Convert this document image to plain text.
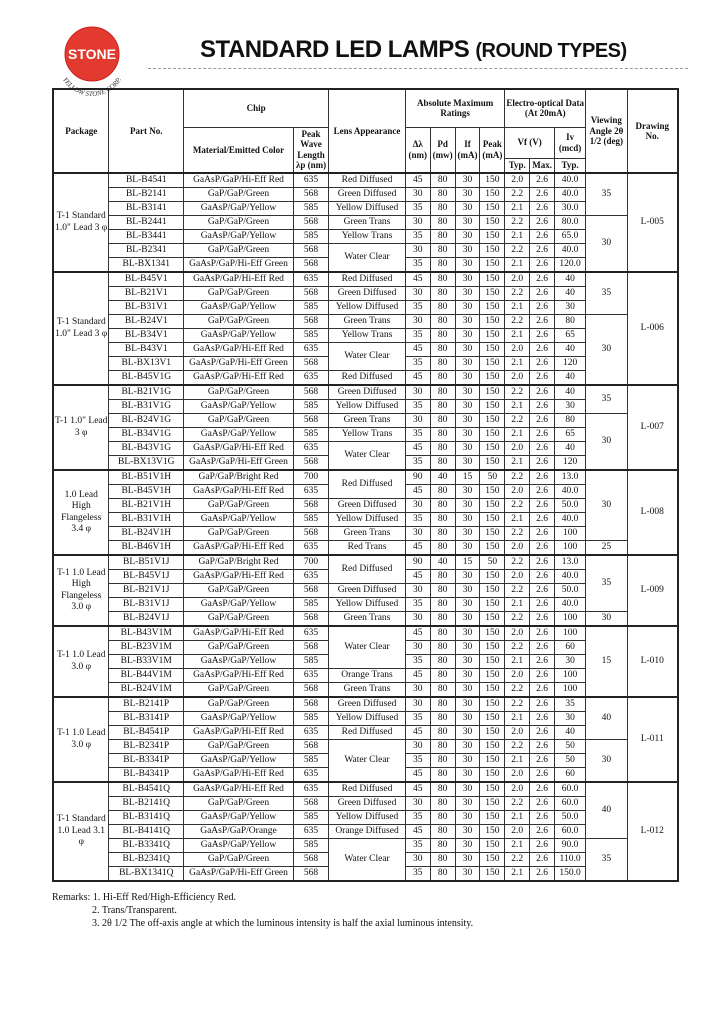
STONE
YELLOW STONE CORP.
STANDARD LED LAMPS (ROUND TYPES)
Package	Part No.	Chip		Lens Appearance	Absolute Maximum Ratings				Electro-optical Data (At 20mA)			Viewing Angle 2θ 1/2 (deg)	Drawing No.
		Material/Emitted Color	Peak Wave Length λp (nm)		Δλ (nm)	Pd (mw)	If (mA)	Peak (mA)	Vf (V)		Iv (mcd)		
									Typ.	Max.	Typ.		
T-1 Standard 1.0" Lead 3 φ	BL-B4541	GaAsP/GaP/Hi-Eff Red	635	Red Diffused	45	80	30	150	2.0	2.6	40.0	35	L-005
	BL-B2141	GaP/GaP/Green	568	Green Diffused	30	80	30	150	2.2	2.6	40.0		
	BL-B3141	GaAsP/GaP/Yellow	585	Yellow Diffused	35	80	30	150	2.1	2.6	30.0		
	BL-B2441	GaP/GaP/Green	568	Green Trans	30	80	30	150	2.2	2.6	80.0	30	
	BL-B3441	GaAsP/GaP/Yellow	585	Yellow Trans	35	80	30	150	2.1	2.6	65.0		
	BL-B2341	GaP/GaP/Green	568	Water Clear	30	80	30	150	2.2	2.6	40.0		
	BL-BX1341	GaAsP/GaP/Hi-Eff Green	568		35	80	30	150	2.1	2.6	120.0		
T-1 Standard 1.0" Lead 3 φ	BL-B45V1	GaAsP/GaP/Hi-Eff Red	635	Red Diffused	45	80	30	150	2.0	2.6	40	35	L-006
	BL-B21V1	GaP/GaP/Green	568	Green Diffused	30	80	30	150	2.2	2.6	40		
	BL-B31V1	GaAsP/GaP/Yellow	585	Yellow Diffused	35	80	30	150	2.1	2.6	30		
	BL-B24V1	GaP/GaP/Green	568	Green Trans	30	80	30	150	2.2	2.6	80	30	
	BL-B34V1	GaAsP/GaP/Yellow	585	Yellow Trans	35	80	30	150	2.1	2.6	65		
	BL-B43V1	GaAsP/GaP/Hi-Eff Red	635	Water Clear	45	80	30	150	2.0	2.6	40		
	BL-BX13V1	GaAsP/GaP/Hi-Eff Green	568		35	80	30	150	2.1	2.6	120		
	BL-B45V1G	GaAsP/GaP/Hi-Eff Red	635	Red Diffused	45	80	30	150	2.0	2.6	40		
T-1 1.0" Lead 3 φ	BL-B21V1G	GaP/GaP/Green	568	Green Diffused	30	80	30	150	2.2	2.6	40	35	L-007
	BL-B31V1G	GaAsP/GaP/Yellow	585	Yellow Diffused	35	80	30	150	2.1	2.6	30		
	BL-B24V1G	GaP/GaP/Green	568	Green Trans	30	80	30	150	2.2	2.6	80	30	
	BL-B34V1G	GaAsP/GaP/Yellow	585	Yellow Trans	35	80	30	150	2.1	2.6	65		
	BL-B43V1G	GaAsP/GaP/Hi-Eff Red	635	Water Clear	45	80	30	150	2.0	2.6	40		
	BL-BX13V1G	GaAsP/GaP/Hi-Eff Green	568		35	80	30	150	2.1	2.6	120		
1.0 Lead High Flangeless 3.4 φ	BL-B51V1H	GaP/GaP/Bright Red	700	Red Diffused	90	40	15	50	2.2	2.6	13.0	30	L-008
	BL-B45V1H	GaAsP/GaP/Hi-Eff Red	635		45	80	30	150	2.0	2.6	40.0		
	BL-B21V1H	GaP/GaP/Green	568	Green Diffused	30	80	30	150	2.2	2.6	50.0		
	BL-B31V1H	GaAsP/GaP/Yellow	585	Yellow Diffused	35	80	30	150	2.1	2.6	40.0		
	BL-B24V1H	GaP/GaP/Green	568	Green Trans	30	80	30	150	2.2	2.6	100		
	BL-B46V1H	GaAsP/GaP/Hi-Eff Red	635	Red Trans	45	80	30	150	2.0	2.6	100	25	
T-1 1.0 Lead High Flangeless 3.0 φ	BL-B51V1J	GaP/GaP/Bright Red	700	Red Diffused	90	40	15	50	2.2	2.6	13.0	35	L-009
	BL-B45V1J	GaAsP/GaP/Hi-Eff Red	635		45	80	30	150	2.0	2.6	40.0		
	BL-B21V1J	GaP/GaP/Green	568	Green Diffused	30	80	30	150	2.2	2.6	50.0		
	BL-B31V1J	GaAsP/GaP/Yellow	585	Yellow Diffused	35	80	30	150	2.1	2.6	40.0		
	BL-B24V1J	GaP/GaP/Green	568	Green Trans	30	80	30	150	2.2	2.6	100	30	
T-1 1.0 Lead 3.0 φ	BL-B43V1M	GaAsP/GaP/Hi-Eff Red	635	Water Clear	45	80	30	150	2.0	2.6	100	15	L-010
	BL-B23V1M	GaP/GaP/Green	568		30	80	30	150	2.2	2.6	60		
	BL-B33V1M	GaAsP/GaP/Yellow	585		35	80	30	150	2.1	2.6	30		
	BL-B44V1M	GaAsP/GaP/Hi-Eff Red	635	Orange Trans	45	80	30	150	2.0	2.6	100		
	BL-B24V1M	GaP/GaP/Green	568	Green Trans	30	80	30	150	2.2	2.6	100		
T-1 1.0 Lead 3.0 φ	BL-B2141P	GaP/GaP/Green	568	Green Diffused	30	80	30	150	2.2	2.6	35	40	L-011
	BL-B3141P	GaAsP/GaP/Yellow	585	Yellow Diffused	35	80	30	150	2.1	2.6	30		
	BL-B4541P	GaAsP/GaP/Hi-Eff Red	635	Red Diffused	45	80	30	150	2.0	2.6	40		
	BL-B2341P	GaP/GaP/Green	568	Water Clear	30	80	30	150	2.2	2.6	50	30	
	BL-B3341P	GaAsP/GaP/Yellow	585		35	80	30	150	2.1	2.6	50		
	BL-B4341P	GaAsP/GaP/Hi-Eff Red	635		45	80	30	150	2.0	2.6	60		
T-1 Standard 1.0 Lead 3.1 φ	BL-B4541Q	GaAsP/GaP/Hi-Eff Red	635	Red Diffused	45	80	30	150	2.0	2.6	60.0	40	L-012
	BL-B2141Q	GaP/GaP/Green	568	Green Diffused	30	80	30	150	2.2	2.6	60.0		
	BL-B3141Q	GaAsP/GaP/Yellow	585	Yellow Diffused	35	80	30	150	2.1	2.6	50.0		
	BL-B4141Q	GaAsP/GaP/Orange	635	Orange Diffused	45	80	30	150	2.0	2.6	60.0		
	BL-B3341Q	GaAsP/GaP/Yellow	585	Water Clear	35	80	30	150	2.1	2.6	90.0	35	
	BL-B2341Q	GaP/GaP/Green	568		30	80	30	150	2.2	2.6	110.0		
	BL-BX1341Q	GaAsP/GaP/Hi-Eff Green	568		35	80	30	150	2.1	2.6	150.0		
Remarks: 1. Hi-Eff Red/High-Efficiency Red.
2. Trans/Transparent.
3. 2θ 1/2 The off-axis angle at which the luminous intensity is half the axial luminous intensity.
